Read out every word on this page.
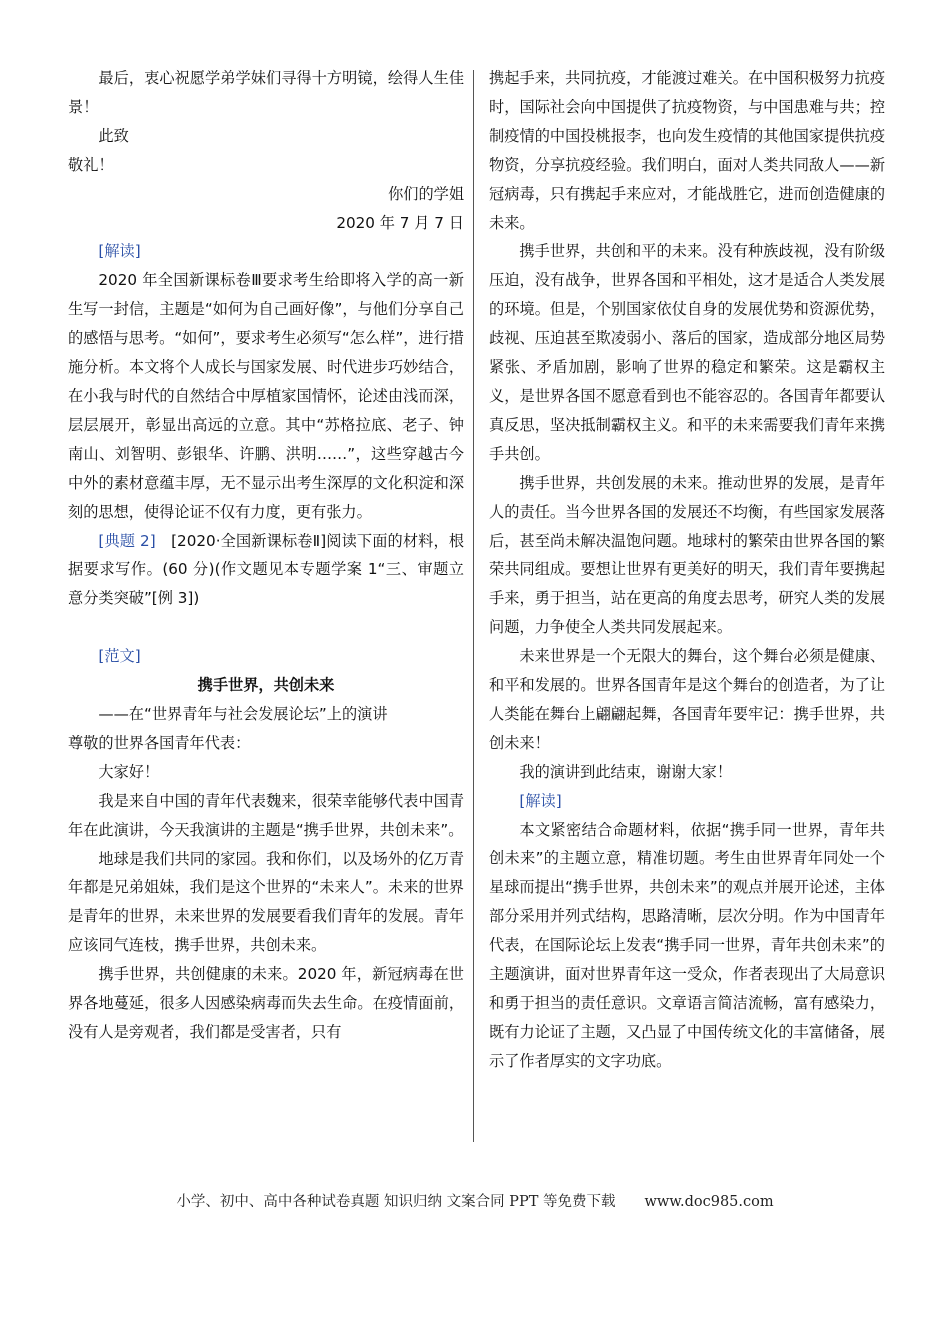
最后，衷心祝愿学弟学妹们寻得十方明镜，绘得人生佳景！

此致

敬礼！

你们的学姐

2020 年 7 月 7 日

[解读]

2020 年全国新课标卷Ⅲ要求考生给即将入学的高一新生写一封信，主题是“如何为自己画好像”，与他们分享自己的感悟与思考。“如何”，要求考生必须写“怎么样”，进行措施分析。本文将个人成长与国家发展、时代进步巧妙结合，在小我与时代的自然结合中厚植家国情怀，论述由浅而深，层层展开，彰显出高远的立意。其中“苏格拉底、老子、钟南山、刘智明、彭银华、许鹏、洪明……”，这些穿越古今中外的素材意蕴丰厚，无不显示出考生深厚的文化积淀和深刻的思想，使得论证不仅有力度，更有张力。

[典题 2]　 [2020·全国新课标卷Ⅱ]阅读下面的材料，根据要求写作。(60 分)(作文题见本专题学案 1“三、审题立意分类突破”[例 3])

[范文]

携手世界，共创未来

——在“世界青年与社会发展论坛”上的演讲

尊敬的世界各国青年代表：

大家好！

我是来自中国的青年代表魏来，很荣幸能够代表中国青年在此演讲，今天我演讲的主题是“携手世界，共创未来”。

地球是我们共同的家园。我和你们，以及场外的亿万青年都是兄弟姐妹，我们是这个世界的“未来人”。未来的世界是青年的世界，未来世界的发展要看我们青年的发展。青年应该同气连枝，携手世界，共创未来。

携手世界，共创健康的未来。2020 年，新冠病毒在世界各地蔓延，很多人因感染病毒而失去生命。在疫情面前，没有人是旁观者，我们都是受害者，只有

携起手来，共同抗疫，才能渡过难关。在中国积极努力抗疫时，国际社会向中国提供了抗疫物资，与中国患难与共；控制疫情的中国投桃报李，也向发生疫情的其他国家提供抗疫物资，分享抗疫经验。我们明白，面对人类共同敌人——新冠病毒，只有携起手来应对，才能战胜它，进而创造健康的未来。

携手世界，共创和平的未来。没有种族歧视，没有阶级压迫，没有战争，世界各国和平相处，这才是适合人类发展的环境。但是，个别国家依仗自身的发展优势和资源优势，歧视、压迫甚至欺凌弱小、落后的国家，造成部分地区局势紧张、矛盾加剧，影响了世界的稳定和繁荣。这是霸权主义，是世界各国不愿意看到也不能容忍的。各国青年都要认真反思，坚决抵制霸权主义。和平的未来需要我们青年来携手共创。

携手世界，共创发展的未来。推动世界的发展，是青年人的责任。当今世界各国的发展还不均衡，有些国家发展落后，甚至尚未解决温饱问题。地球村的繁荣由世界各国的繁荣共同组成。要想让世界有更美好的明天，我们青年要携起手来，勇于担当，站在更高的角度去思考，研究人类的发展问题，力争使全人类共同发展起来。

未来世界是一个无限大的舞台，这个舞台必须是健康、和平和发展的。世界各国青年是这个舞台的创造者，为了让人类能在舞台上翩翩起舞，各国青年要牢记：携手世界，共创未来！

我的演讲到此结束，谢谢大家！

[解读]

本文紧密结合命题材料，依据“携手同一世界，青年共创未来”的主题立意，精准切题。考生由世界青年同处一个星球而提出“携手世界，共创未来”的观点并展开论述，主体部分采用并列式结构，思路清晰，层次分明。作为中国青年代表，在国际论坛上发表“携手同一世界，青年共创未来”的主题演讲，面对世界青年这一受众，作者表现出了大局意识和勇于担当的责任意识。文章语言简洁流畅，富有感染力，既有力论证了主题，又凸显了中国传统文化的丰富储备，展示了作者厚实的文字功底。

小学、初中、高中各种试卷真题 知识归纳 文案合同 PPT 等免费下载　　www.doc985.com
